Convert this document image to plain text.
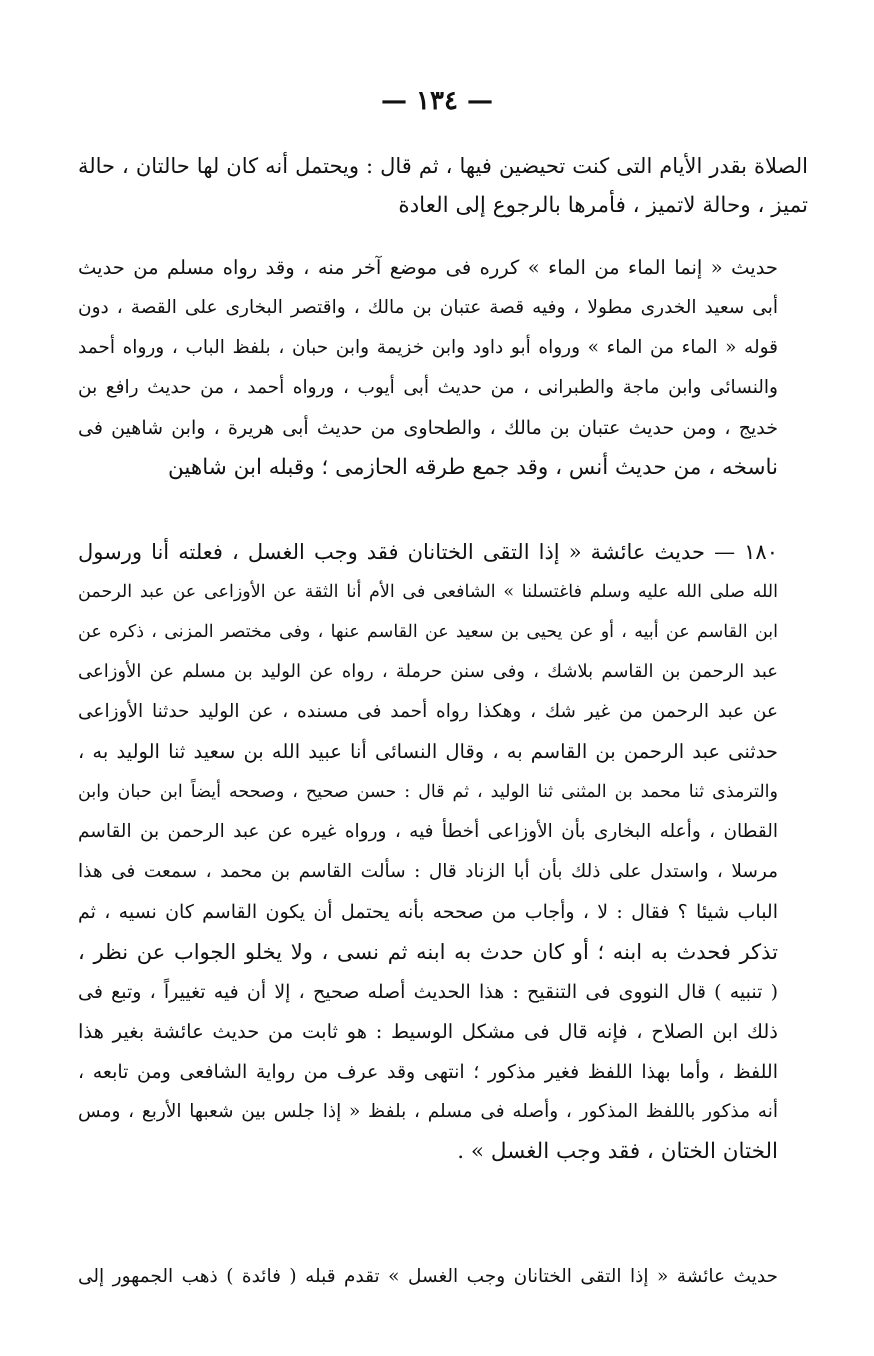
— ١٣٤ —
الصلاة بقدر الأيام التى كنت تحيضين فيها ، ثم قال : ويحتمل أنه كان لها حالتان ، حالة
تميز ، وحالة لاتميز ، فأمرها بالرجوع إلى العادة
حديث « إنما الماء من الماء » كرره فى موضع آخر منه ، وقد رواه مسلم من حديث
أبى سعيد الخدرى مطولا ، وفيه قصة عتبان بن مالك ، واقتصر البخارى على القصة ، دون
قوله « الماء من الماء » ورواه أبو داود وابن خزيمة وابن حبان ، بلفظ الباب ، ورواه أحمد
والنسائى وابن ماجة والطبرانى ، من حديث أبى أيوب ، ورواه أحمد ، من حديث رافع بن
خديج ، ومن حديث عتبان بن مالك ، والطحاوى من حديث أبى هريرة ، وابن شاهين فى
ناسخه ، من حديث أنس ، وقد جمع طرقه الحازمى ؛ وقبله ابن شاهين
١٨٠ — حديث عائشة « إذا التقى الختانان فقد وجب الغسل ، فعلته أنا ورسول
الله صلى الله عليه وسلم فاغتسلنا » الشافعى فى الأم أنا الثقة عن الأوزاعى عن عبد الرحمن
ابن القاسم عن أبيه ، أو عن يحيى بن سعيد عن القاسم عنها ، وفى مختصر المزنى ، ذكره عن
عبد الرحمن بن القاسم بلاشك ، وفى سنن حرملة ، رواه عن الوليد بن مسلم عن الأوزاعى
عن عبد الرحمن من غير شك ، وهكذا رواه أحمد فى مسنده ، عن الوليد حدثنا الأوزاعى
حدثنى عبد الرحمن بن القاسم به ، وقال النسائى أنا عبيد الله بن سعيد ثنا الوليد به ،
والترمذى ثنا محمد بن المثنى ثنا الوليد ، ثم قال : حسن صحيح ، وصححه أيضاً ابن حبان وابن
القطان ، وأعله البخارى بأن الأوزاعى أخطأ فيه ، ورواه غيره عن عبد الرحمن بن القاسم
مرسلا ، واستدل على ذلك بأن أبا الزناد قال : سألت القاسم بن محمد ، سمعت فى هذا
الباب شيئا ؟ فقال : لا ، وأجاب من صححه بأنه يحتمل أن يكون القاسم كان نسيه ، ثم
تذكر فحدث به ابنه ؛ أو كان حدث به ابنه ثم نسى ، ولا يخلو الجواب عن نظر ،
( تنبيه ) قال النووى فى التنقيح : هذا الحديث أصله صحيح ، إلا أن فيه تغييراً ، وتبع فى
ذلك ابن الصلاح ، فإنه قال فى مشكل الوسيط : هو ثابت من حديث عائشة بغير هذا
اللفظ ، وأما بهذا اللفظ فغير مذكور ؛ انتهى وقد عرف من رواية الشافعى ومن تابعه ،
أنه مذكور باللفظ المذكور ، وأصله فى مسلم ، بلفظ « إذا جلس بين شعبها الأربع ، ومس
الختان الختان ، فقد وجب الغسل » .
حديث عائشة « إذا التقى الختانان وجب الغسل » تقدم قبله ( فائدة ) ذهب الجمهور إلى
